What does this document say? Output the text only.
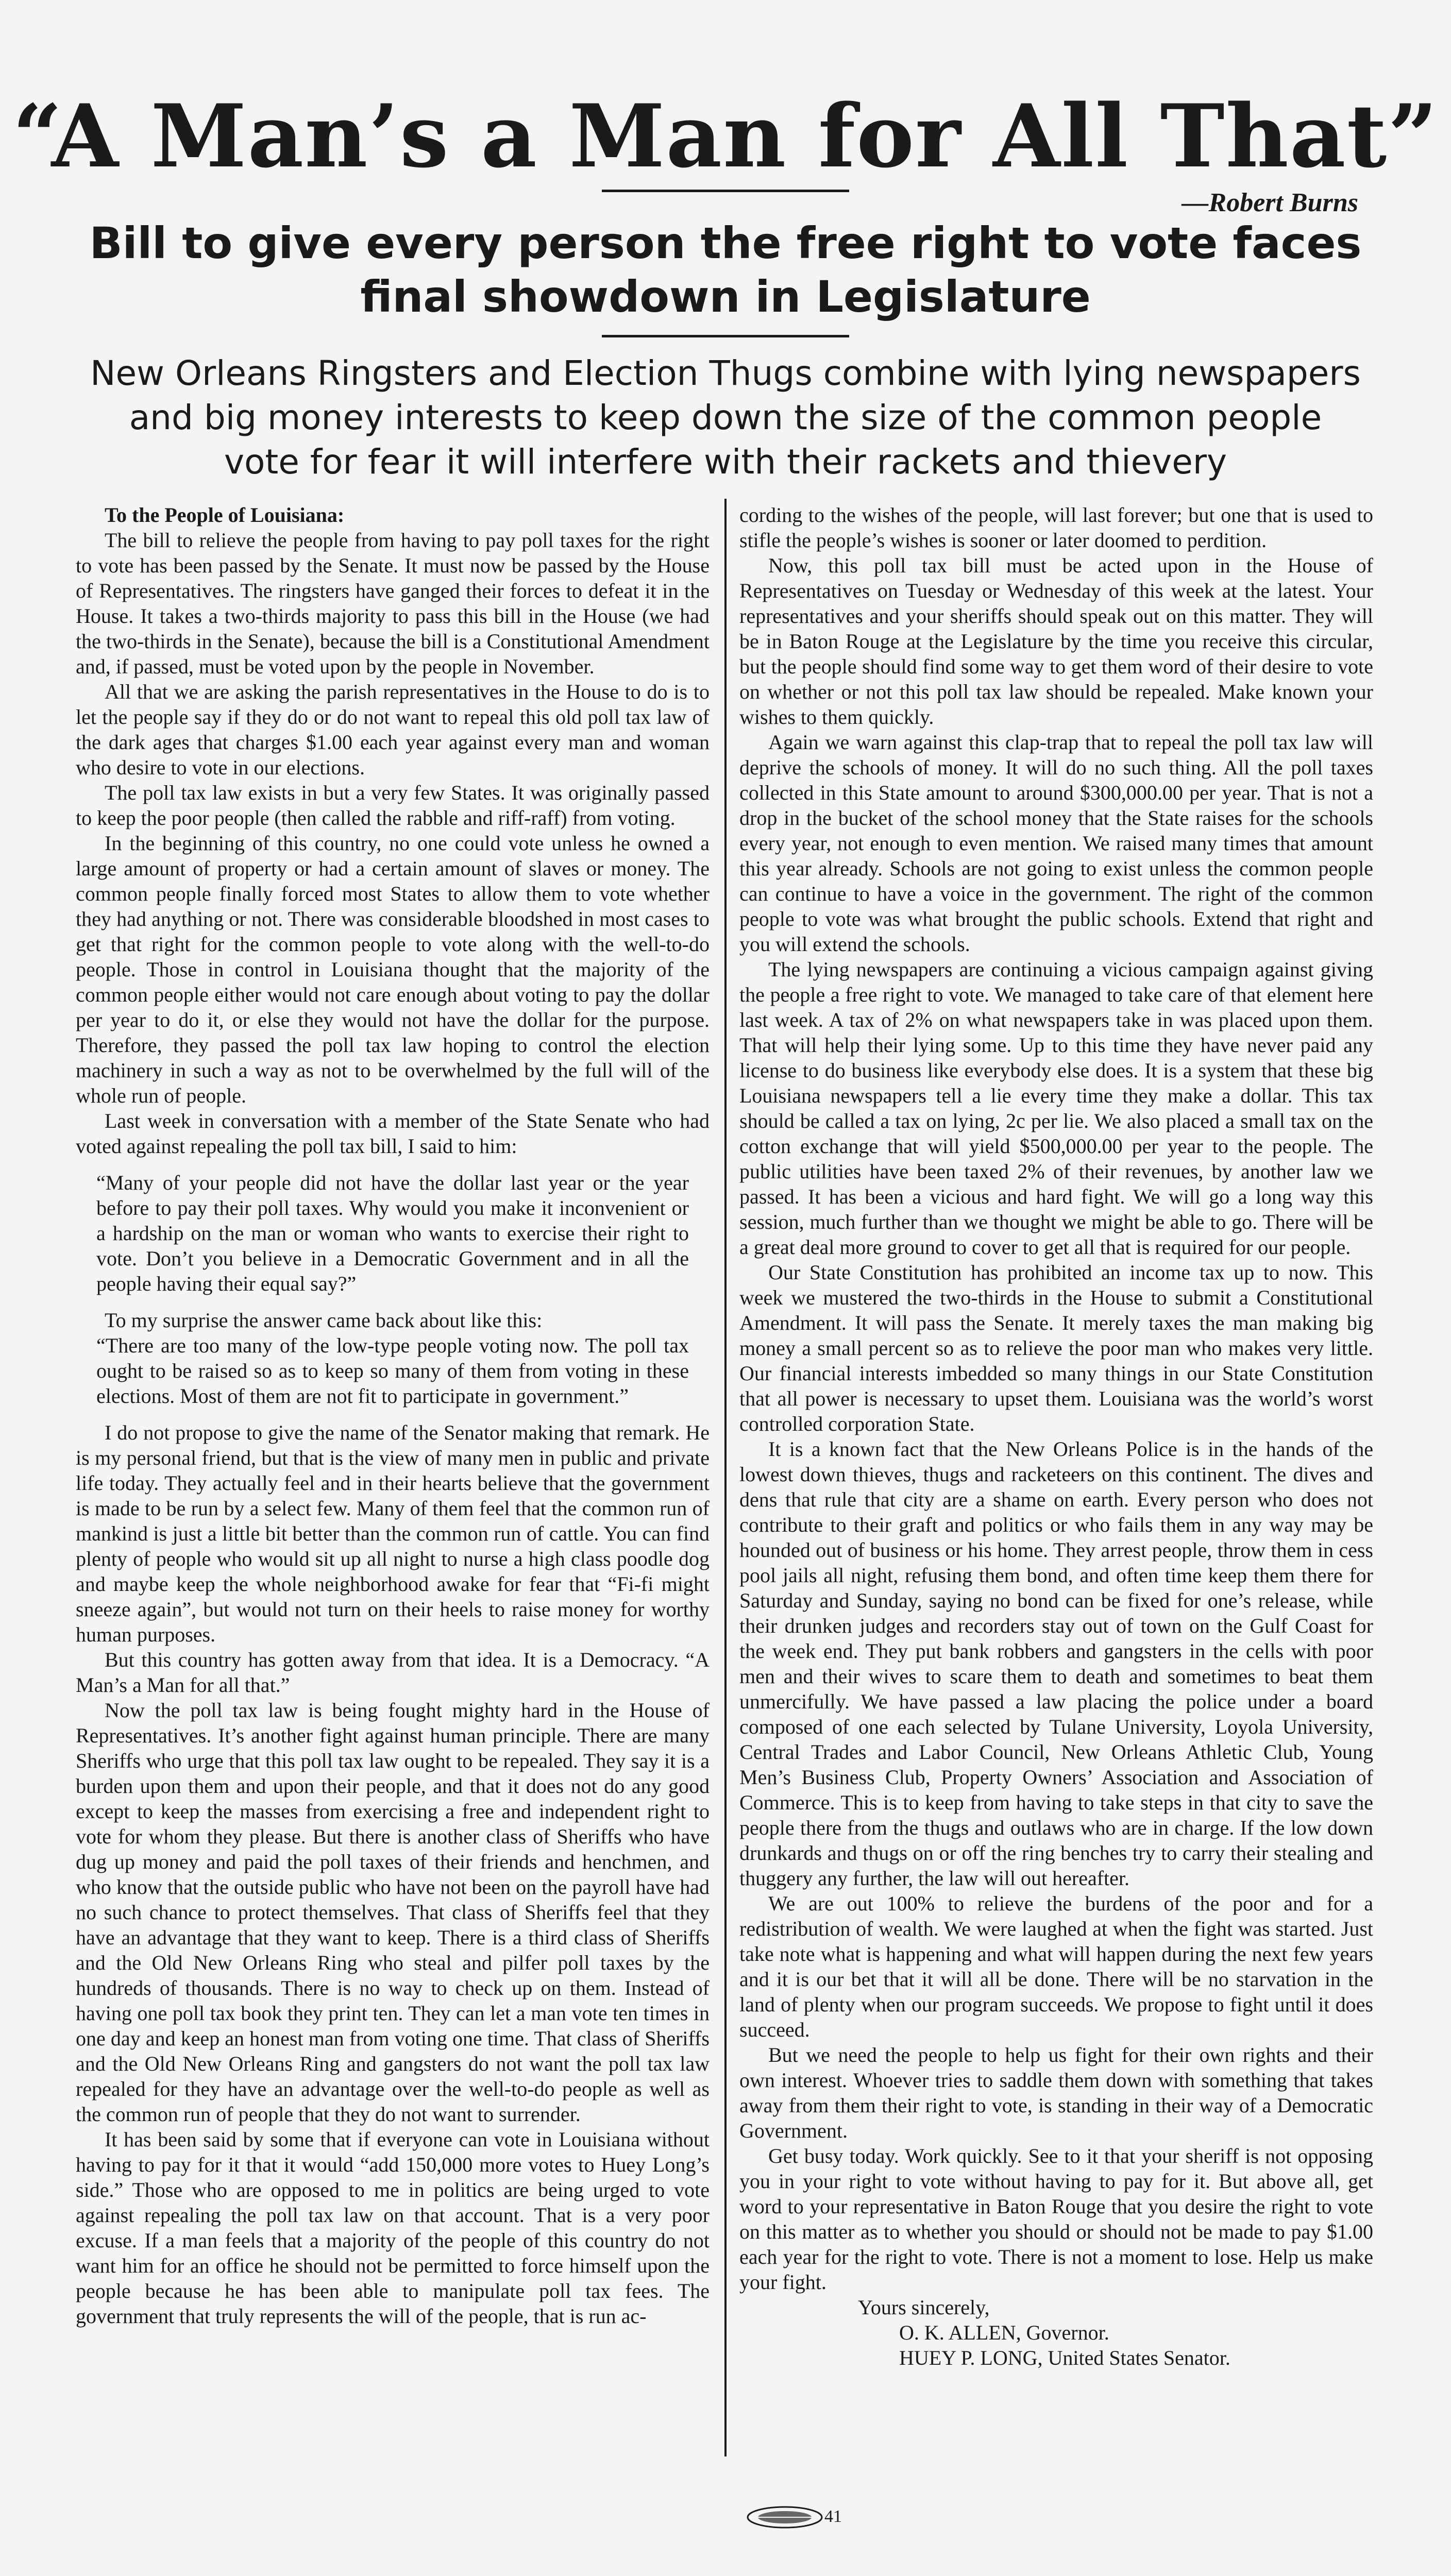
“A Man’s a Man for All That”
—Robert Burns
Bill to give every person the free right to vote faces
final showdown in Legislature

New Orleans Ringsters and Election Thugs combine with lying newspapers
and big money interests to keep down the size of the common people
vote for fear it will interfere with their rackets and thievery

To the People of Louisiana:

The bill to relieve the people from having to pay poll taxes for the right to vote has been passed by the Senate. It must now be passed by the House of Representatives. The ringsters have ganged their forces to defeat it in the House. It takes a two-thirds majority to pass this bill in the House (we had the two-thirds in the Senate), because the bill is a Constitutional Amendment and, if passed, must be voted upon by the people in November.

All that we are asking the parish representatives in the House to do is to let the people say if they do or do not want to repeal this old poll tax law of the dark ages that charges $1.00 each year against every man and woman who desire to vote in our elections.

The poll tax law exists in but a very few States. It was originally passed to keep the poor people (then called the rabble and riff-raff) from voting.

In the beginning of this country, no one could vote unless he owned a large amount of property or had a certain amount of slaves or money. The common people finally forced most States to allow them to vote whether they had anything or not. There was considerable bloodshed in most cases to get that right for the common people to vote along with the well-to-do people. Those in control in Louisiana thought that the majority of the common people either would not care enough about voting to pay the dollar per year to do it, or else they would not have the dollar for the purpose. Therefore, they passed the poll tax law hoping to control the election machinery in such a way as not to be overwhelmed by the full will of the whole run of people.

Last week in conversation with a member of the State Senate who had voted against repealing the poll tax bill, I said to him:

“Many of your people did not have the dollar last year or the year before to pay their poll taxes. Why would you make it inconvenient or a hardship on the man or woman who wants to exercise their right to vote. Don’t you believe in a Democratic Government and in all the people having their equal say?”

To my surprise the answer came back about like this:

“There are too many of the low-type people voting now. The poll tax ought to be raised so as to keep so many of them from voting in these elections. Most of them are not fit to participate in government.”

I do not propose to give the name of the Senator making that remark. He is my personal friend, but that is the view of many men in public and private life today. They actually feel and in their hearts believe that the government is made to be run by a select few. Many of them feel that the common run of mankind is just a little bit better than the common run of cattle. You can find plenty of people who would sit up all night to nurse a high class poodle dog and maybe keep the whole neighborhood awake for fear that “Fi-fi might sneeze again”, but would not turn on their heels to raise money for worthy human purposes.

But this country has gotten away from that idea. It is a Democracy. “A Man’s a Man for all that.”

Now the poll tax law is being fought mighty hard in the House of Representatives. It’s another fight against human principle. There are many Sheriffs who urge that this poll tax law ought to be repealed. They say it is a burden upon them and upon their people, and that it does not do any good except to keep the masses from exercising a free and independent right to vote for whom they please. But there is another class of Sheriffs who have dug up money and paid the poll taxes of their friends and henchmen, and who know that the outside public who have not been on the payroll have had no such chance to protect themselves. That class of Sheriffs feel that they have an advantage that they want to keep. There is a third class of Sheriffs and the Old New Orleans Ring who steal and pilfer poll taxes by the hundreds of thousands. There is no way to check up on them. Instead of having one poll tax book they print ten. They can let a man vote ten times in one day and keep an honest man from voting one time. That class of Sheriffs and the Old New Orleans Ring and gangsters do not want the poll tax law repealed for they have an advantage over the well-to-do people as well as the common run of people that they do not want to surrender.

It has been said by some that if everyone can vote in Louisiana without having to pay for it that it would “add 150,000 more votes to Huey Long’s side.” Those who are opposed to me in politics are being urged to vote against repealing the poll tax law on that account. That is a very poor excuse. If a man feels that a majority of the people of this country do not want him for an office he should not be permitted to force himself upon the people because he has been able to manipulate poll tax fees. The government that truly represents the will of the people, that is run ac-

cording to the wishes of the people, will last forever; but one that is used to stifle the people’s wishes is sooner or later doomed to perdition.

Now, this poll tax bill must be acted upon in the House of Representatives on Tuesday or Wednesday of this week at the latest. Your representatives and your sheriffs should speak out on this matter. They will be in Baton Rouge at the Legislature by the time you receive this circular, but the people should find some way to get them word of their desire to vote on whether or not this poll tax law should be repealed. Make known your wishes to them quickly.

Again we warn against this clap-trap that to repeal the poll tax law will deprive the schools of money. It will do no such thing. All the poll taxes collected in this State amount to around $300,000.00 per year. That is not a drop in the bucket of the school money that the State raises for the schools every year, not enough to even mention. We raised many times that amount this year already. Schools are not going to exist unless the common people can continue to have a voice in the government. The right of the common people to vote was what brought the public schools. Extend that right and you will extend the schools.

The lying newspapers are continuing a vicious campaign against giving the people a free right to vote. We managed to take care of that element here last week. A tax of 2% on what newspapers take in was placed upon them. That will help their lying some. Up to this time they have never paid any license to do business like everybody else does. It is a system that these big Louisiana newspapers tell a lie every time they make a dollar. This tax should be called a tax on lying, 2c per lie. We also placed a small tax on the cotton exchange that will yield $500,000.00 per year to the people. The public utilities have been taxed 2% of their revenues, by another law we passed. It has been a vicious and hard fight. We will go a long way this session, much further than we thought we might be able to go. There will be a great deal more ground to cover to get all that is required for our people.

Our State Constitution has prohibited an income tax up to now. This week we mustered the two-thirds in the House to submit a Constitutional Amendment. It will pass the Senate. It merely taxes the man making big money a small percent so as to relieve the poor man who makes very little. Our financial interests imbedded so many things in our State Constitution that all power is necessary to upset them. Louisiana was the world’s worst controlled corporation State.

It is a known fact that the New Orleans Police is in the hands of the lowest down thieves, thugs and racketeers on this continent. The dives and dens that rule that city are a shame on earth. Every person who does not contribute to their graft and politics or who fails them in any way may be hounded out of business or his home. They arrest people, throw them in cess pool jails all night, refusing them bond, and often time keep them there for Saturday and Sunday, saying no bond can be fixed for one’s release, while their drunken judges and recorders stay out of town on the Gulf Coast for the week end. They put bank robbers and gangsters in the cells with poor men and their wives to scare them to death and sometimes to beat them unmercifully. We have passed a law placing the police under a board composed of one each selected by Tulane University, Loyola University, Central Trades and Labor Council, New Orleans Athletic Club, Young Men’s Business Club, Property Owners’ Association and Association of Commerce. This is to keep from having to take steps in that city to save the people there from the thugs and outlaws who are in charge. If the low down drunkards and thugs on or off the ring benches try to carry their stealing and thuggery any further, the law will out hereafter.

We are out 100% to relieve the burdens of the poor and for a redistribution of wealth. We were laughed at when the fight was started. Just take note what is happening and what will happen during the next few years and it is our bet that it will all be done. There will be no starvation in the land of plenty when our program succeeds. We propose to fight until it does succeed.

But we need the people to help us fight for their own rights and their own interest. Whoever tries to saddle them down with something that takes away from them their right to vote, is standing in their way of a Democratic Government.

Get busy today. Work quickly. See to it that your sheriff is not opposing you in your right to vote without having to pay for it. But above all, get word to your representative in Baton Rouge that you desire the right to vote on this matter as to whether you should or should not be made to pay $1.00 each year for the right to vote. There is not a moment to lose. Help us make your fight.

Yours sincerely,
O. K. ALLEN, Governor.
HUEY P. LONG, United States Senator.
41
